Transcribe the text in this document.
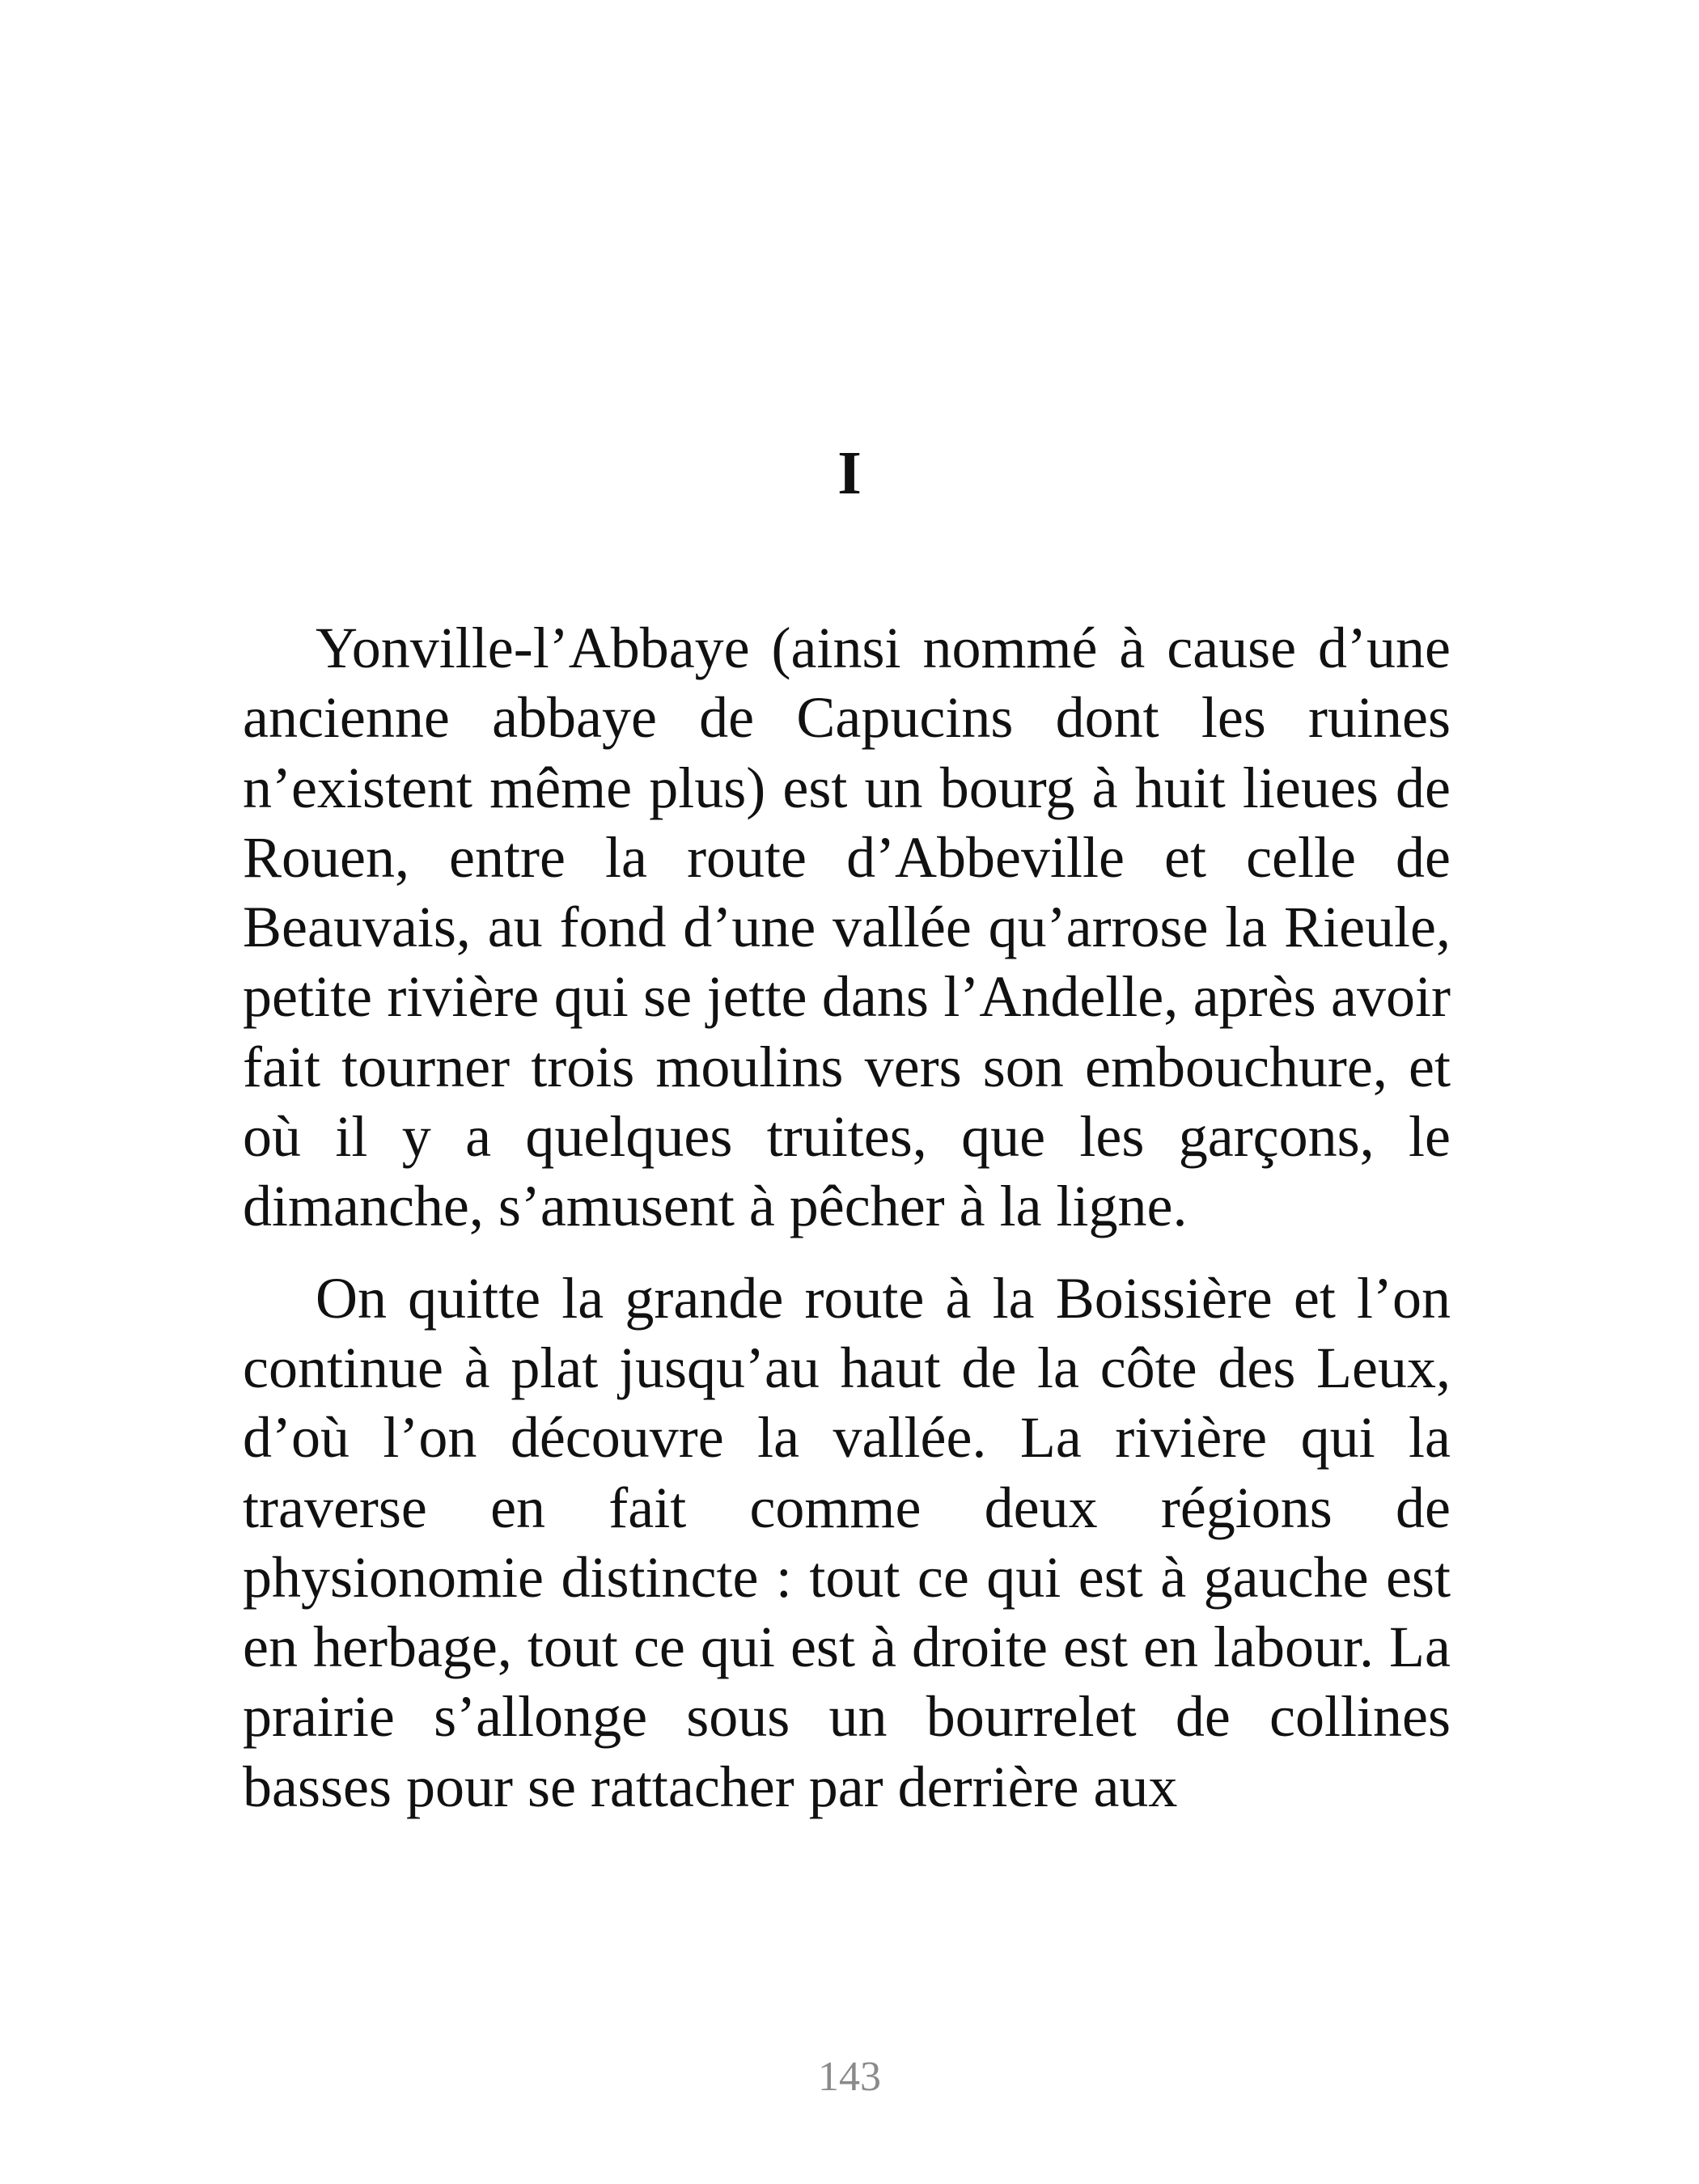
I

Yonville-l’Abbaye (ainsi nommé à cause d’une ancienne abbaye de Capucins dont les ruines n’existent même plus) est un bourg à huit lieues de Rouen, entre la route d’Abbeville et celle de Beauvais, au fond d’une vallée qu’arrose la Rieule, petite rivière qui se jette dans l’Andelle, après avoir fait tourner trois moulins vers son embouchure, et où il y a quelques truites, que les garçons, le dimanche, s’amusent à pêcher à la ligne.

On quitte la grande route à la Boissière et l’on continue à plat jusqu’au haut de la côte des Leux, d’où l’on découvre la vallée. La rivière qui la traverse en fait comme deux régions de physionomie distincte : tout ce qui est à gauche est en herbage, tout ce qui est à droite est en labour. La prairie s’allonge sous un bourrelet de collines basses pour se rattacher par derrière aux

143
